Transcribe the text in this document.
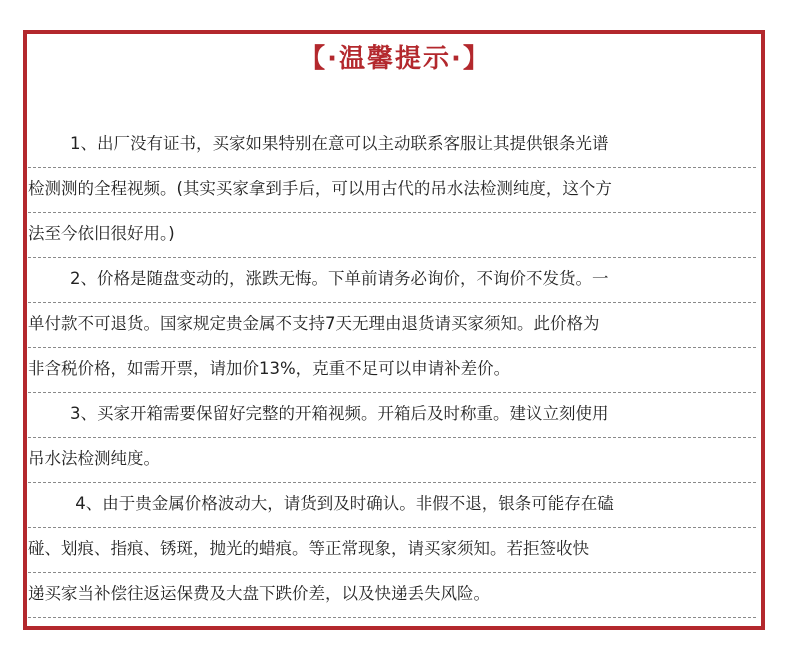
【·温馨提示·】
1、出厂没有证书，买家如果特别在意可以主动联系客服让其提供银条光谱
检测测的全程视频。(其实买家拿到手后，可以用古代的吊水法检测纯度，这个方
法至今依旧很好用。)
2、价格是随盘变动的，涨跌无悔。下单前请务必询价，不询价不发货。一
单付款不可退货。国家规定贵金属不支持7天无理由退货请买家须知。此价格为
非含税价格，如需开票，请加价13%，克重不足可以申请补差价。
3、买家开箱需要保留好完整的开箱视频。开箱后及时称重。建议立刻使用
吊水法检测纯度。
4、由于贵金属价格波动大，请货到及时确认。非假不退，银条可能存在磕
碰、划痕、指痕、锈斑，抛光的蜡痕。等正常现象，请买家须知。若拒签收快
递买家当补偿往返运保费及大盘下跌价差，以及快递丢失风险。
